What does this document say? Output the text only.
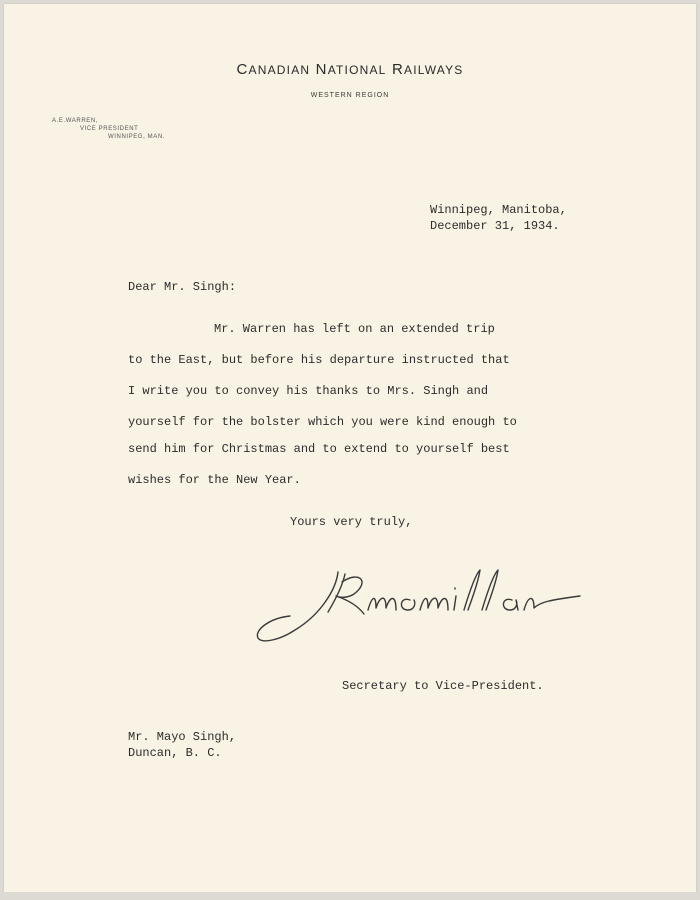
CANADIAN NATIONAL RAILWAYS
WESTERN REGION
A.E.WARREN,
VICE PRESIDENT
WINNIPEG, MAN.
Winnipeg, Manitoba,
December 31, 1934.
Dear Mr. Singh:
Mr. Warren has left on an extended trip
to the East, but before his departure instructed that
I write you to convey his thanks to Mrs. Singh and
yourself for the bolster which you were kind enough to
send him for Christmas and to extend to yourself best
wishes for the New Year.
Yours very truly,
Secretary to Vice-President.
Mr. Mayo Singh,
Duncan, B. C.
